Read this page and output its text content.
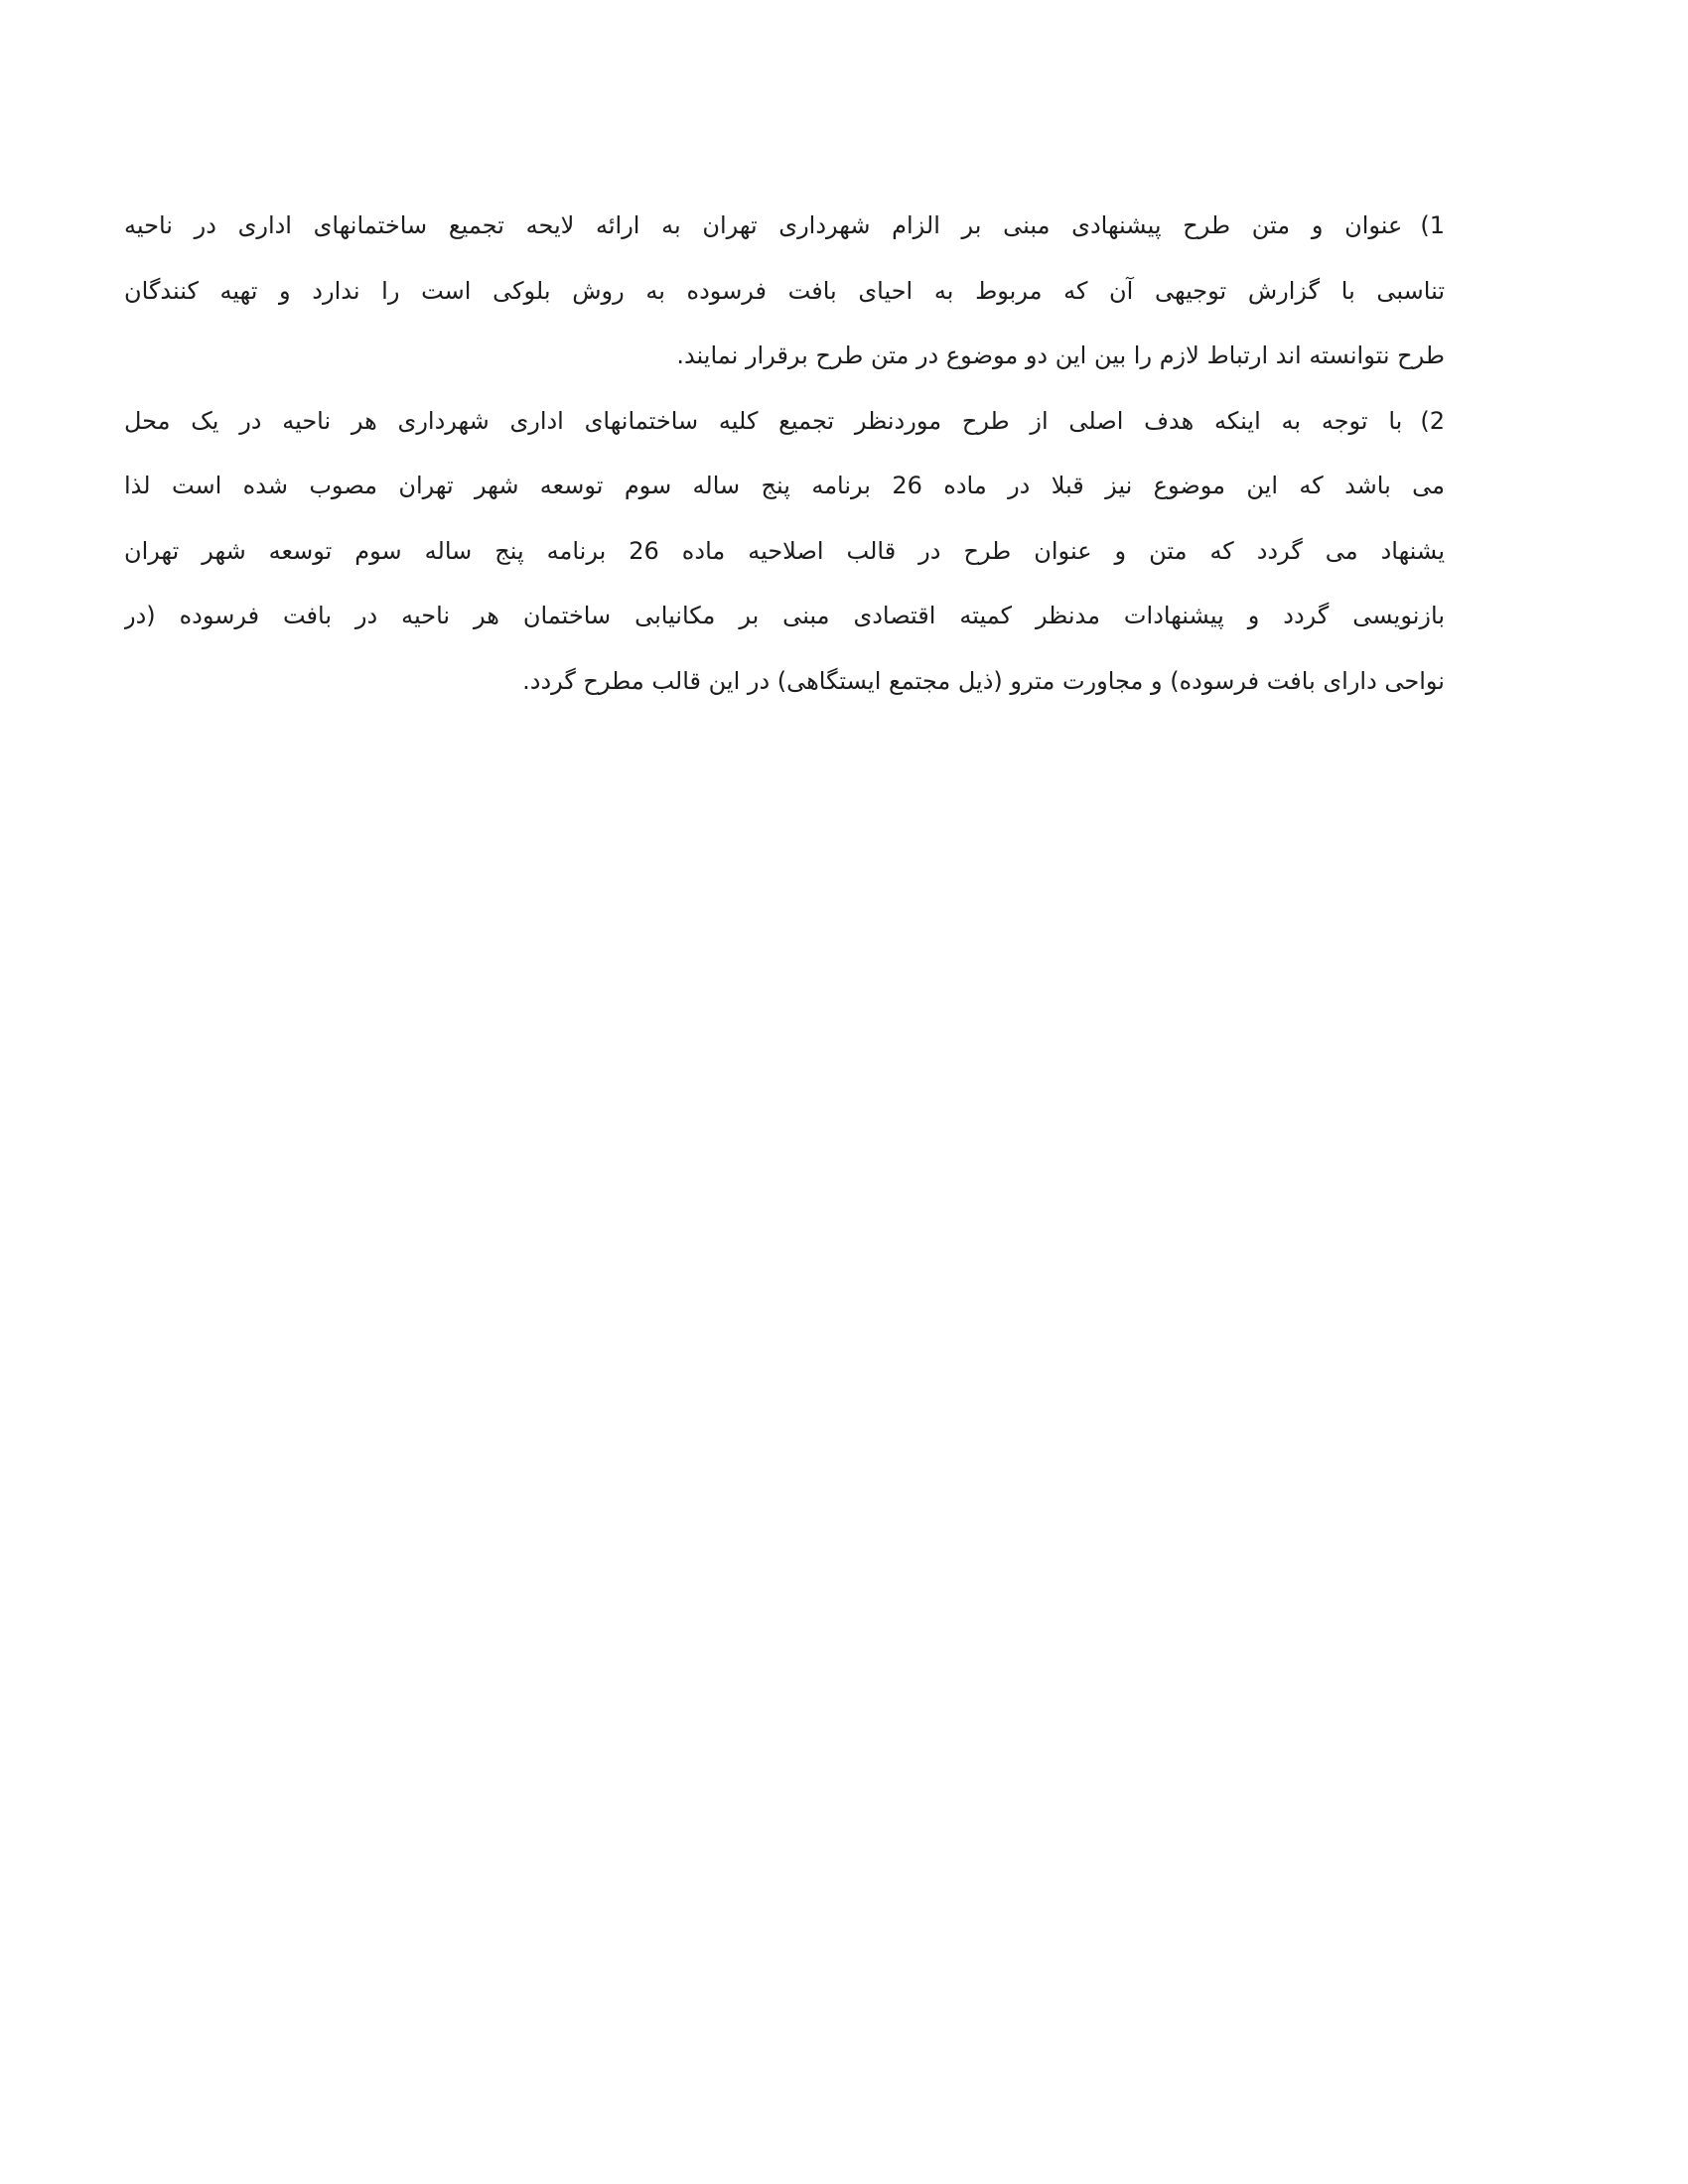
1)عنوان و متن طرح پیشنهادی مبنی بر الزام شهرداری تهران به ارائه لایحه تجمیع ساختمانهای اداری در ناحیه
تناسبی با گزارش توجیهی آن که مربوط به احیای بافت فرسوده به روش بلوکی است را ندارد و تهیه کنندگان
طرح نتوانسته اند ارتباط لازم را بین این دو موضوع در متن طرح برقرار نمایند.
2)با توجه به اینکه هدف اصلی از طرح موردنظر تجمیع کلیه ساختمانهای اداری شهرداری هر ناحیه در یک محل
می باشد که این موضوع نیز قبلا در ماده 26 برنامه پنج ساله سوم توسعه شهر تهران مصوب شده است لذا
یشنهاد می گردد که متن و عنوان طرح در قالب اصلاحیه ماده 26 برنامه پنج ساله سوم توسعه شهر تهران
بازنویسی گردد و پیشنهادات مدنظر کمیته اقتصادی مبنی بر مکانیابی ساختمان هر ناحیه در بافت فرسوده (در
نواحی دارای بافت فرسوده) و مجاورت مترو (ذیل مجتمع ایستگاهی) در این قالب مطرح گردد.
